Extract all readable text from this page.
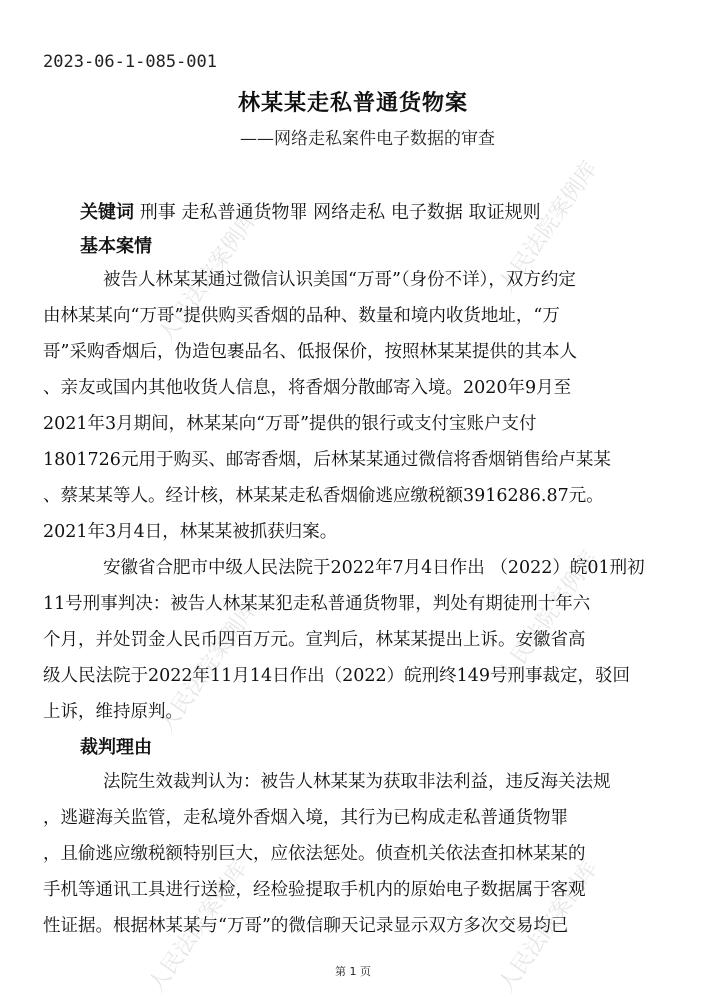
2023-06-1-085-001
林某某走私普通货物案
——网络走私案件电子数据的审查
关键词 刑事 走私普通货物罪 网络走私 电子数据 取证规则
基本案情
被告人林某某通过微信认识美国“万哥”（身份不详），双方约定
由林某某向“万哥”提供购买香烟的品种、数量和境内收货地址，“万
哥”采购香烟后，伪造包裹品名、低报保价，按照林某某提供的其本人
、亲友或国内其他收货人信息，将香烟分散邮寄入境。2020年9月至
2021年3月期间，林某某向“万哥”提供的银行或支付宝账户支付
1801726元用于购买、邮寄香烟，后林某某通过微信将香烟销售给卢某某
、蔡某某等人。经计核，林某某走私香烟偷逃应缴税额3916286.87元。
2021年3月4日，林某某被抓获归案。
安徽省合肥市中级人民法院于2022年7月4日作出 （2022）皖01刑初
11号刑事判决：被告人林某某犯走私普通货物罪，判处有期徒刑十年六
个月，并处罚金人民币四百万元。宣判后，林某某提出上诉。安徽省高
级人民法院于2022年11月14日作出（2022）皖刑终149号刑事裁定，驳回
上诉，维持原判。
裁判理由
法院生效裁判认为：被告人林某某为获取非法利益，违反海关法规
，逃避海关监管，走私境外香烟入境，其行为已构成走私普通货物罪
，且偷逃应缴税额特别巨大，应依法惩处。侦查机关依法查扣林某某的
手机等通讯工具进行送检，经检验提取手机内的原始电子数据属于客观
性证据。根据林某某与“万哥”的微信聊天记录显示双方多次交易均已
第 1 页
人民法院案例库	人民法院案例库
人民法院案例库	人民法院案例库
人民法院案例库	人民法院案例库
